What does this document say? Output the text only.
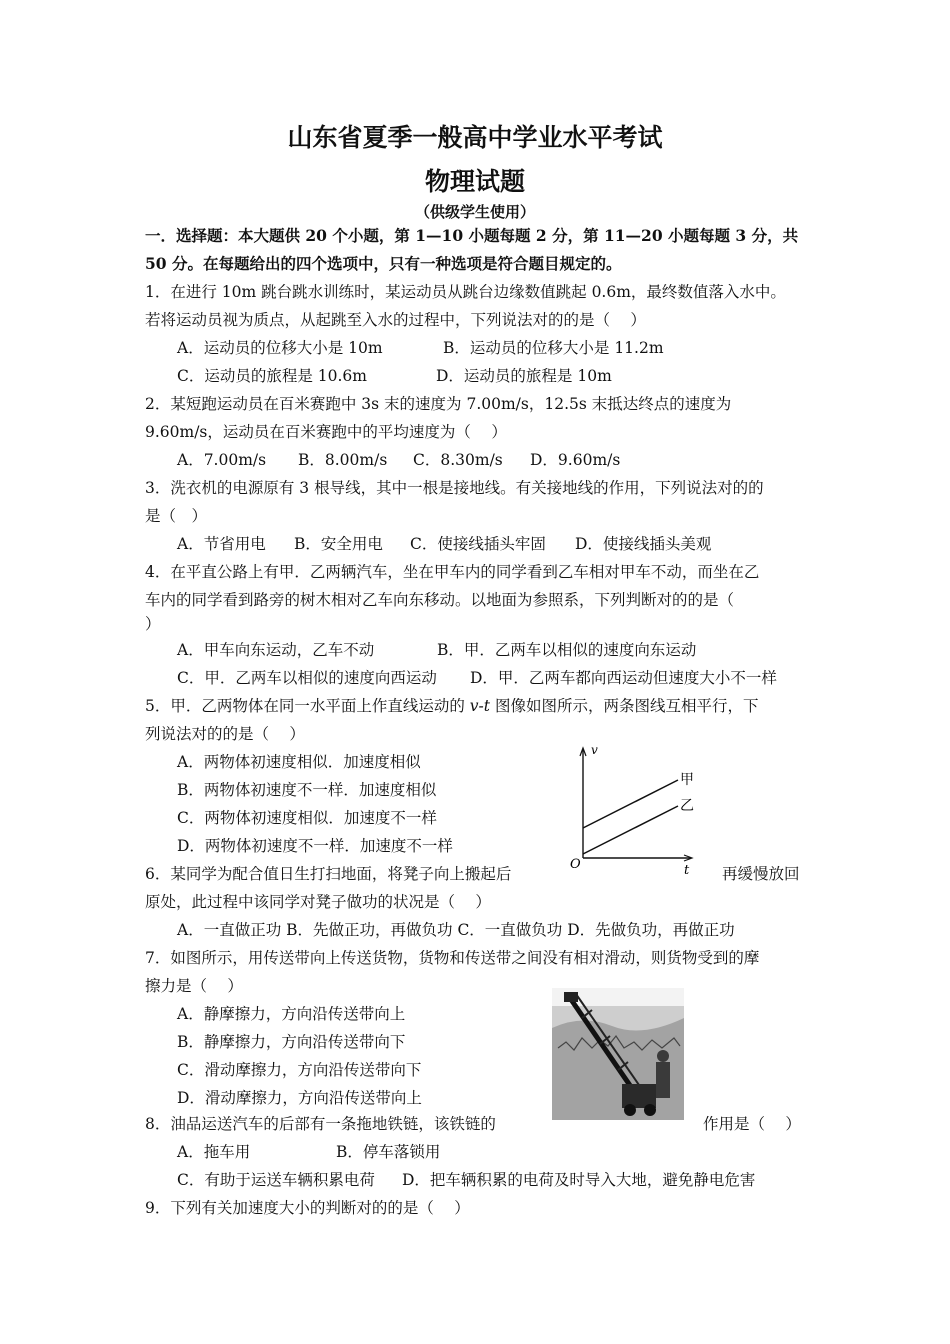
山东省夏季一般高中学业水平考试
物理试题
（供级学生使用）
一．选择题：本大题供 20 个小题，第 1—10 小题每题 2 分，第 11—20 小题每题 3 分，共
50 分。在每题给出的四个选项中，只有一种选项是符合题目规定的。
1．在进行 10m 跳台跳水训练时，某运动员从跳台边缘数值跳起 0.6m，最终数值落入水中。
若将运动员视为质点，从起跳至入水的过程中，下列说法对的的是（　 ）
A．运动员的位移大小是 10m	B．运动员的位移大小是 11.2m
C．运动员的旅程是 10.6m	D．运动员的旅程是 10m
2．某短跑运动员在百米赛跑中 3s 末的速度为 7.00m/s，12.5s 末抵达终点的速度为
9.60m/s，运动员在百米赛跑中的平均速度为（　 ）
A．7.00m/s B．8.00m/s C．8.30m/s D．9.60m/s
3．洗衣机的电源原有 3 根导线，其中一根是接地线。有关接地线的作用，下列说法对的的
是（　）
A．节省用电 B．安全用电 C．使接线插头牢固 D．使接线插头美观
4．在平直公路上有甲．乙两辆汽车，坐在甲车内的同学看到乙车相对甲车不动，而坐在乙
车内的同学看到路旁的树木相对乙车向东移动。以地面为参照系，下列判断对的的是（
）
A．甲车向东运动，乙车不动	B．甲．乙两车以相似的速度向东运动
C．甲．乙两车以相似的速度向西运动 D．甲．乙两车都向西运动但速度大小不一样
5．甲．乙两物体在同一水平面上作直线运动的 v-t 图像如图所示，两条图线互相平行，下
列说法对的的是（　 ）
A．两物体初速度相似．加速度相似
B．两物体初速度不一样．加速度相似
C．两物体初速度相似．加速度不一样
D．两物体初速度不一样．加速度不一样
v
O	t
甲
乙
6．某同学为配合值日生打扫地面，将凳子向上搬起后	再缓慢放回
原处，此过程中该同学对凳子做功的状况是（　 ）
A．一直做正功 B．先做正功，再做负功 C．一直做负功 D．先做负功，再做正功
7．如图所示，用传送带向上传送货物，货物和传送带之间没有相对滑动，则货物受到的摩
擦力是（　 ）
A．静摩擦力，方向沿传送带向上
B．静摩擦力，方向沿传送带向下
C．滑动摩擦力，方向沿传送带向下
D．滑动摩擦力，方向沿传送带向上
8．油品运送汽车的后部有一条拖地铁链，该铁链的	作用是（　 ）
A．拖车用	B．停车落锁用
C．有助于运送车辆积累电荷 D．把车辆积累的电荷及时导入大地，避免静电危害
9．下列有关加速度大小的判断对的的是（　 ）
